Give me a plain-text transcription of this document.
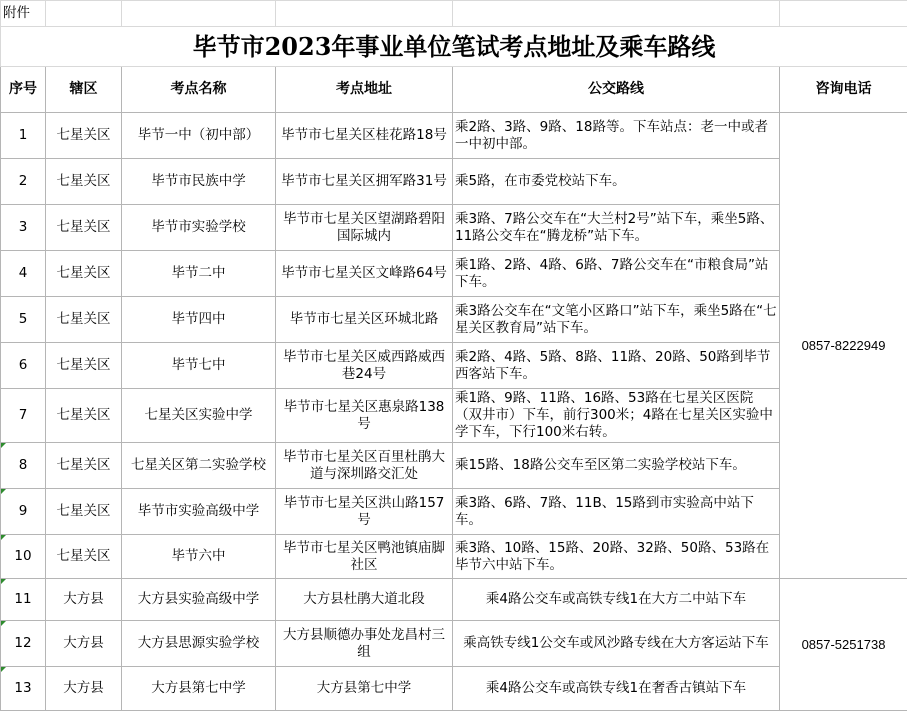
附件					
毕节市2023年事业单位笔试考点地址及乘车路线					
序号	辖区	考点名称	考点地址	公交路线	咨询电话
1	七星关区	毕节一中（初中部）	毕节市七星关区桂花路18号	乘2路、3路、9路、18路等。下车站点：老一中或者一中初中部。	0857-8222949
2	七星关区	毕节市民族中学	毕节市七星关区拥军路31号	乘5路，在市委党校站下车。	
3	七星关区	毕节市实验学校	毕节市七星关区望湖路碧阳国际城内	乘3路、7路公交车在“大兰村2号”站下车，乘坐5路、11路公交车在“腾龙桥”站下车。	
4	七星关区	毕节二中	毕节市七星关区文峰路64号	乘1路、2路、4路、6路、7路公交车在“市粮食局”站下车。	
5	七星关区	毕节四中	毕节市七星关区环城北路	乘3路公交车在“文笔小区路口”站下车，乘坐5路在“七星关区教育局”站下车。	
6	七星关区	毕节七中	毕节市七星关区威西路威西巷24号	乘2路、4路、5路、8路、11路、20路、50路到毕节西客站下车。	
7	七星关区	七星关区实验中学	毕节市七星关区惠泉路138号	乘1路、9路、11路、16路、53路在七星关区医院（双井市）下车，前行300米；4路在七星关区实验中学下车，下行100米右转。	
8	七星关区	七星关区第二实验学校	毕节市七星关区百里杜鹃大道与深圳路交汇处	乘15路、18路公交车至区第二实验学校站下车。	
9	七星关区	毕节市实验高级中学	毕节市七星关区洪山路157号	乘3路、6路、7路、11B、15路到市实验高中站下车。	
10	七星关区	毕节六中	毕节市七星关区鸭池镇庙脚社区	乘3路、10路、15路、20路、32路、50路、53路在毕节六中站下车。	
11	大方县	大方县实验高级中学	大方县杜鹃大道北段	乘4路公交车或高铁专线1在大方二中站下车	0857-5251738
12	大方县	大方县思源实验学校	大方县顺德办事处龙昌村三组	乘高铁专线1公交车或风沙路专线在大方客运站下车	
13	大方县	大方县第七中学	大方县第七中学	乘4路公交车或高铁专线1在奢香古镇站下车	
